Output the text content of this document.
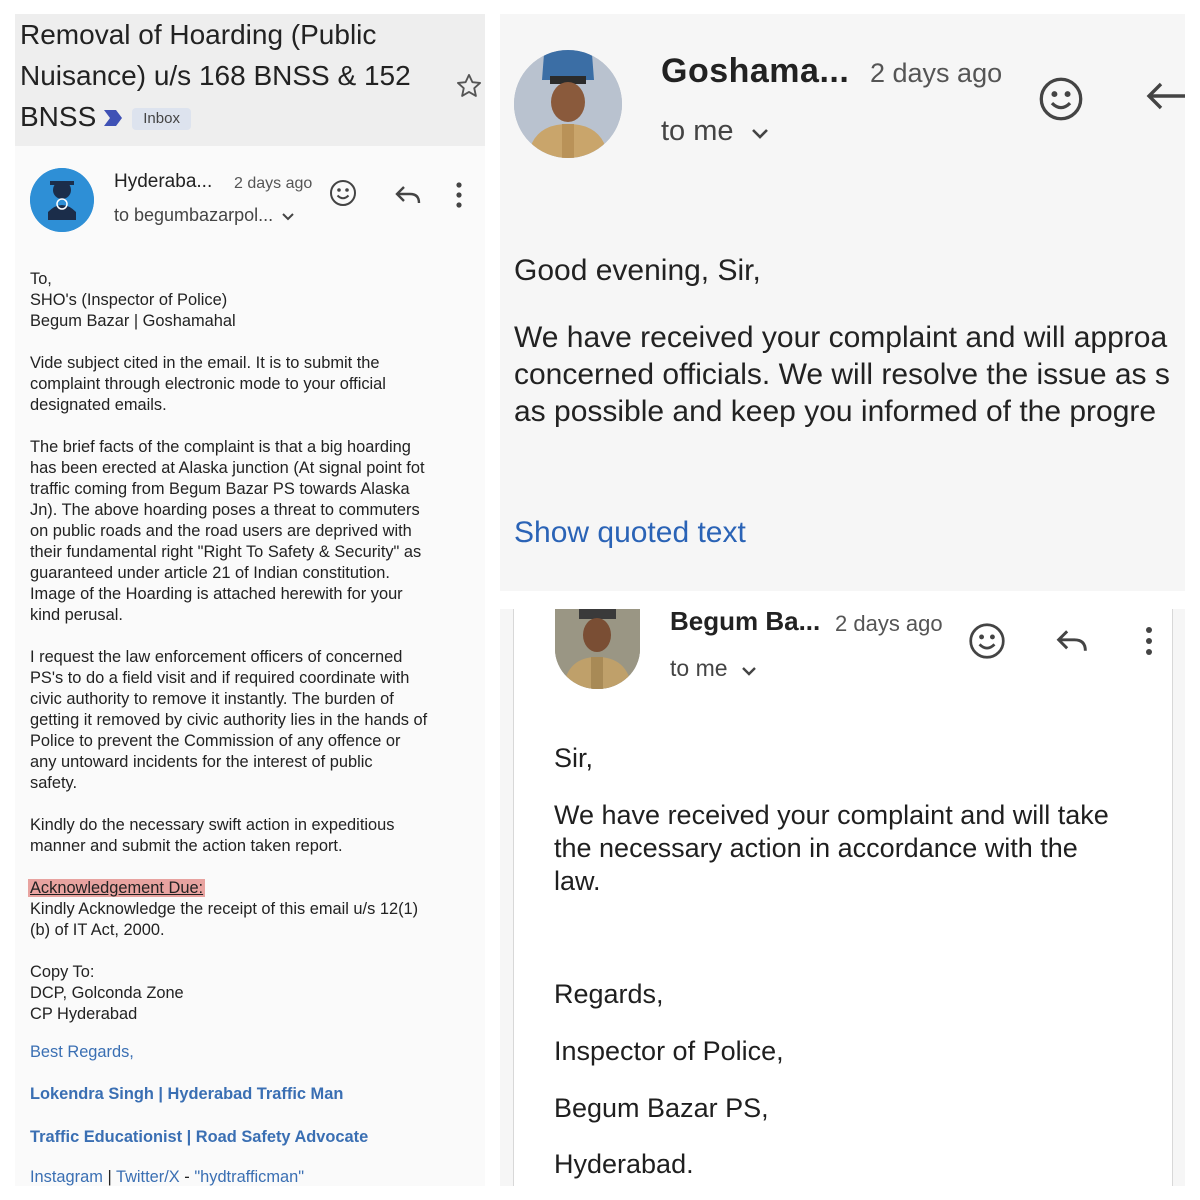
Removal of Hoarding (Public Nuisance) u/s 168 BNSS & 152 BNSS	Inbox
Hyderaba... 2 days ago
to begumbazarpol...

To,

SHO's (Inspector of Police)

Begum Bazar | Goshamahal

Vide subject cited in the email. It is to submit the

complaint through electronic mode to your official

designated emails.

The brief facts of the complaint is that a big hoarding

has been erected at Alaska junction (At signal point fot

traffic coming from Begum Bazar PS towards Alaska

Jn). The above hoarding poses a threat to commuters

on public roads and the road users are deprived with

their fundamental right "Right To Safety & Security" as

guaranteed under article 21 of Indian constitution.

Image of the Hoarding is attached herewith for your

kind perusal.

I request the law enforcement officers of concerned

PS's to do a field visit and if required coordinate with

civic authority to remove it instantly. The burden of

getting it removed by civic authority lies in the hands of

Police to prevent the Commission of any offence or

any untoward incidents for the interest of public

safety.

Kindly do the necessary swift action in expeditious

manner and submit the action taken report.

Acknowledgement Due:

Kindly Acknowledge the receipt of this email u/s 12(1)

(b) of IT Act, 2000.

Copy To:

DCP, Golconda Zone

CP Hyderabad

Best Regards,

Lokendra Singh | Hyderabad Traffic Man

Traffic Educationist | Road Safety Advocate

Instagram | Twitter/X - "hydtrafficman"

Goshama... 2 days ago
to me
Good evening, Sir,
We have received your complaint and will approa
concerned officials. We will resolve the issue as s
as possible and keep you informed of the progre
Show quoted text
Begum Ba... 2 days ago
to me
Sir,
We have received your complaint and will take
the necessary action in accordance with the
law.
Regards,
Inspector of Police,
Begum Bazar PS,
Hyderabad.
